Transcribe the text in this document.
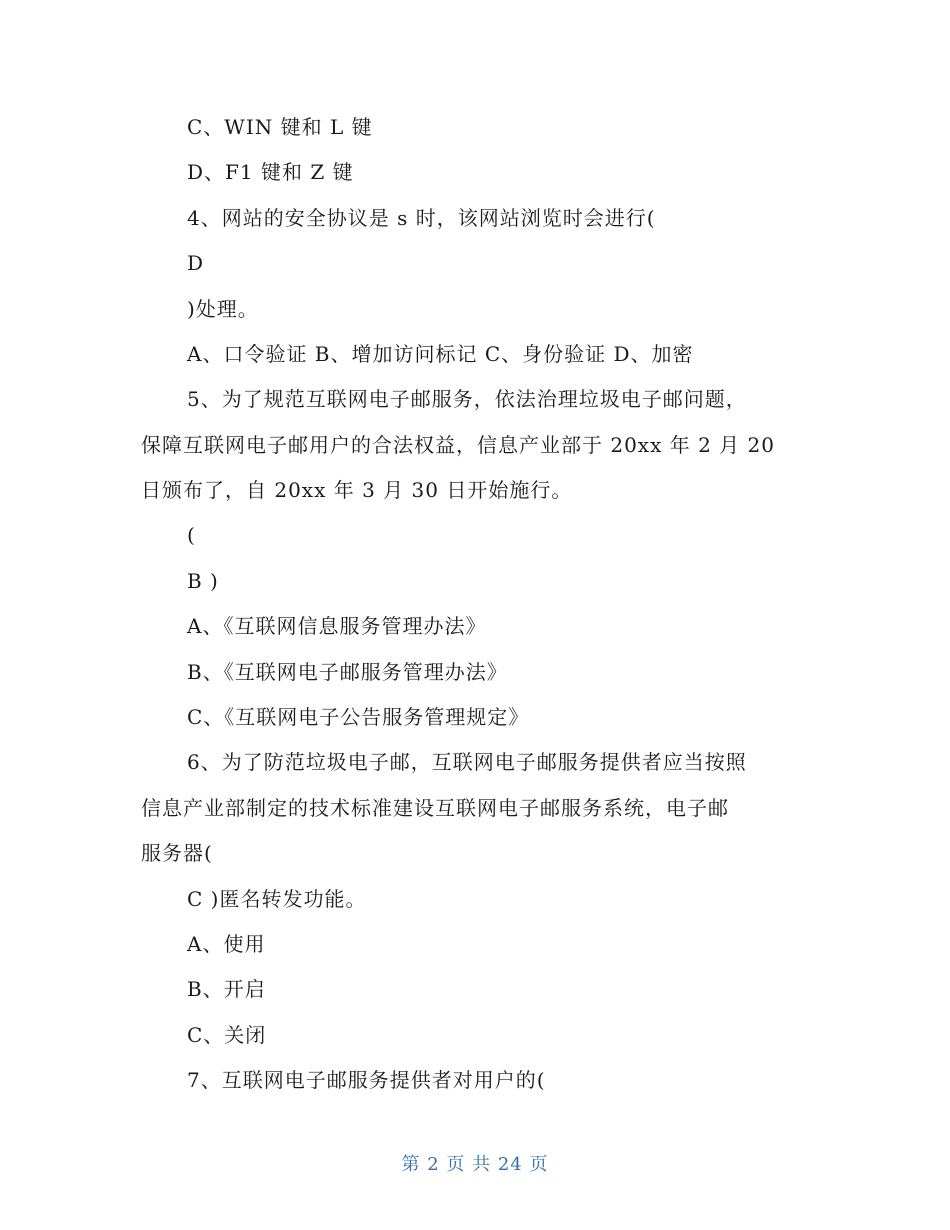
C、WIN 键和 L 键
D、F1 键和 Z 键
4、网站的安全协议是 s 时，该网站浏览时会进行(
D
)处理。
A、口令验证 B、增加访问标记 C、身份验证 D、加密
5、为了规范互联网电子邮服务，依法治理垃圾电子邮问题，
保障互联网电子邮用户的合法权益，信息产业部于 20xx 年 2 月 20
日颁布了，自 20xx 年 3 月 30 日开始施行。
(
B )
A、《互联网信息服务管理办法》
B、《互联网电子邮服务管理办法》
C、《互联网电子公告服务管理规定》
6、为了防范垃圾电子邮，互联网电子邮服务提供者应当按照
信息产业部制定的技术标准建设互联网电子邮服务系统，电子邮
服务器(
C )匿名转发功能。
A、使用
B、开启
C、关闭
7、互联网电子邮服务提供者对用户的(
第 2 页 共 24 页
